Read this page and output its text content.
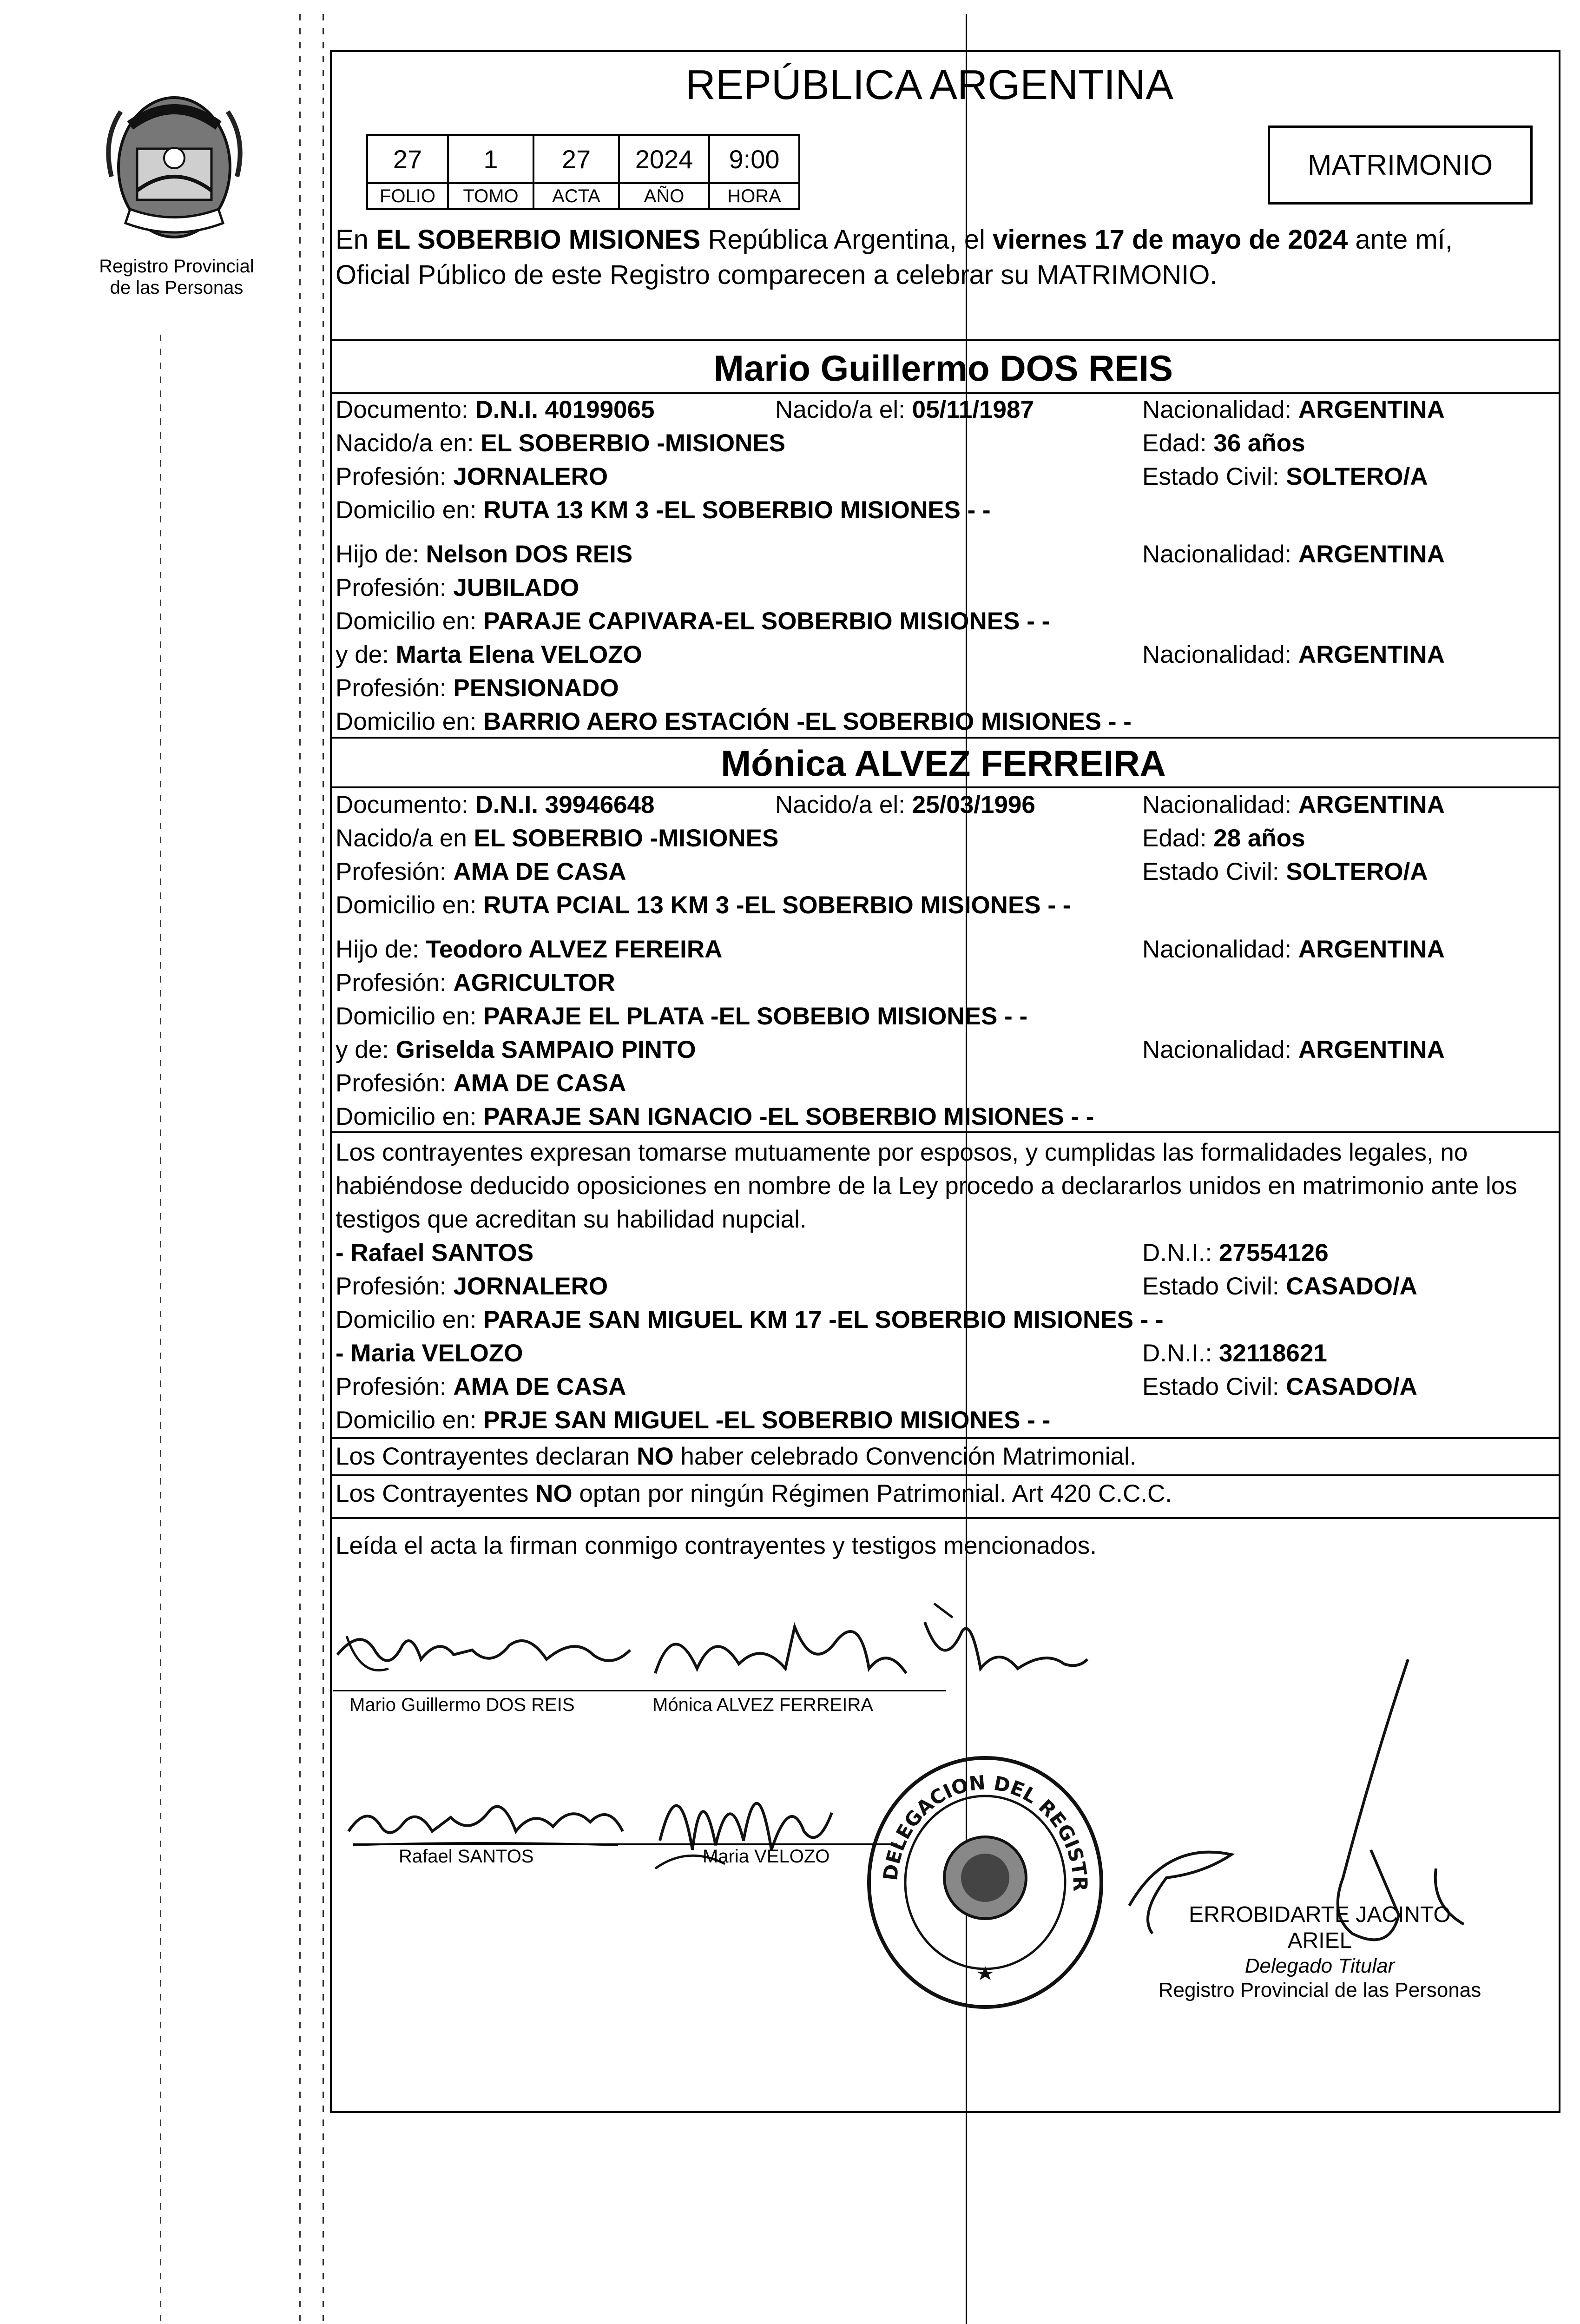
Registro Provincial
de las Personas
REPÚBLICA ARGENTINA
27	1	27	2024	9:00
FOLIO	TOMO	ACTA	AÑO	HORA
MATRIMONIO
En EL SOBERBIO MISIONES República Argentina, el viernes 17 de mayo de 2024 ante mí,
Oficial Público de este Registro comparecen a celebrar su MATRIMONIO.
Mario Guillermo DOS REIS
Documento: D.N.I. 40199065	Nacido/a el: 05/11/1987	Nacionalidad: ARGENTINA
Nacido/a en: EL SOBERBIO -MISIONES	Edad: 36 años
Profesión: JORNALERO	Estado Civil: SOLTERO/A
Domicilio en: RUTA 13 KM 3 -EL SOBERBIO MISIONES - -
Hijo de: Nelson DOS REIS	Nacionalidad: ARGENTINA
Profesión: JUBILADO
Domicilio en: PARAJE CAPIVARA-EL SOBERBIO MISIONES - -
y de: Marta Elena VELOZO	Nacionalidad: ARGENTINA
Profesión: PENSIONADO
Domicilio en: BARRIO AERO ESTACIÓN -EL SOBERBIO MISIONES - -
Mónica ALVEZ FERREIRA
Documento: D.N.I. 39946648	Nacido/a el: 25/03/1996	Nacionalidad: ARGENTINA
Nacido/a en EL SOBERBIO -MISIONES	Edad: 28 años
Profesión: AMA DE CASA	Estado Civil: SOLTERO/A
Domicilio en: RUTA PCIAL 13 KM 3 -EL SOBERBIO MISIONES - -
Hijo de: Teodoro ALVEZ FEREIRA	Nacionalidad: ARGENTINA
Profesión: AGRICULTOR
Domicilio en: PARAJE EL PLATA -EL SOBEBIO MISIONES - -
y de: Griselda SAMPAIO PINTO	Nacionalidad: ARGENTINA
Profesión: AMA DE CASA
Domicilio en: PARAJE SAN IGNACIO -EL SOBERBIO MISIONES - -
Los contrayentes expresan tomarse mutuamente por esposos, y cumplidas las formalidades legales, no habiéndose deducido oposiciones en nombre de la Ley procedo a declararlos unidos en matrimonio ante los testigos que acreditan su habilidad nupcial.
- Rafael SANTOS	D.N.I.: 27554126
Profesión: JORNALERO	Estado Civil: CASADO/A
Domicilio en: PARAJE SAN MIGUEL KM 17 -EL SOBERBIO MISIONES - -
- Maria VELOZO	D.N.I.: 32118621
Profesión: AMA DE CASA	Estado Civil: CASADO/A
Domicilio en: PRJE SAN MIGUEL -EL SOBERBIO MISIONES - -
Los Contrayentes declaran NO haber celebrado Convención Matrimonial.
Los Contrayentes NO optan por ningún Régimen Patrimonial. Art 420 C.C.C.
Leída el acta la firman conmigo contrayentes y testigos mencionados.
Mario Guillermo DOS REIS	Mónica ALVEZ FERREIRA
Rafael SANTOS	Maria VELOZO
DELEGACION DEL REGISTR
ERROBIDARTE JACINTO ARIEL
Delegado Titular
Registro Provincial de las Personas
